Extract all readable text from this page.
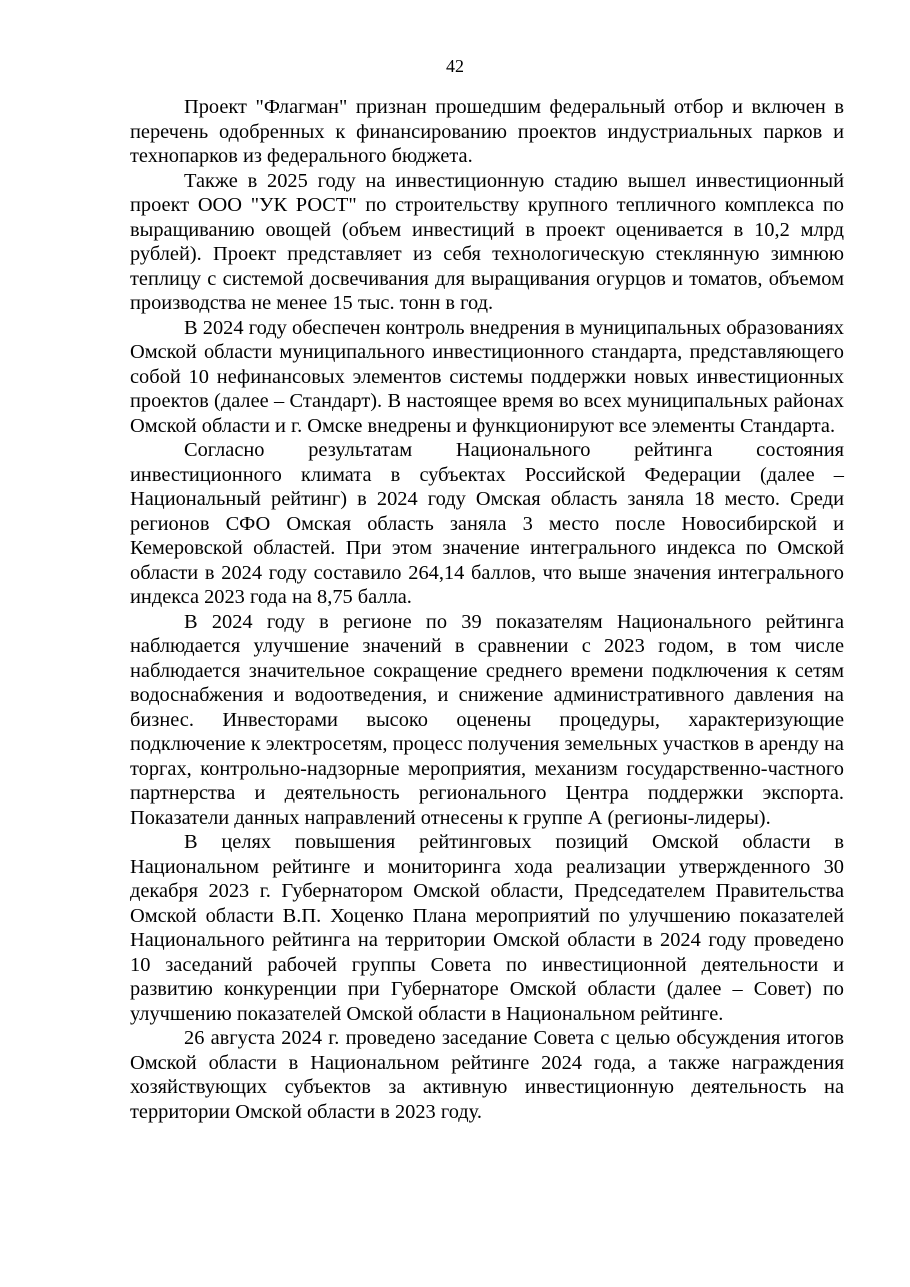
42

Проект "Флагман" признан прошедшим федеральный отбор и включен в перечень одобренных к финансированию проектов индустриальных парков и технопарков из федерального бюджета.

Также в 2025 году на инвестиционную стадию вышел инвестиционный проект ООО "УК РОСТ" по строительству крупного тепличного комплекса по выращиванию овощей (объем инвестиций в проект оценивается в 10,2 млрд рублей). Проект представляет из себя технологическую стеклянную зимнюю теплицу с системой досвечивания для выращивания огурцов и томатов, объемом производства не менее 15 тыс. тонн в год.

В 2024 году обеспечен контроль внедрения в муниципальных образованиях Омской области муниципального инвестиционного стандарта, представляющего собой 10 нефинансовых элементов системы поддержки новых инвестиционных проектов (далее – Стандарт). В настоящее время во всех муниципальных районах Омской области и г. Омске внедрены и функционируют все элементы Стандарта.

Согласно результатам Национального рейтинга состояния инвестиционного климата в субъектах Российской Федерации (далее – Национальный рейтинг) в 2024 году Омская область заняла 18 место. Среди регионов СФО Омская область заняла 3 место после Новосибирской и Кемеровской областей. При этом значение интегрального индекса по Омской области в 2024 году составило 264,14 баллов, что выше значения интегрального индекса 2023 года на 8,75 балла.

В 2024 году в регионе по 39 показателям Национального рейтинга наблюдается улучшение значений в сравнении с 2023 годом, в том числе наблюдается значительное сокращение среднего времени подключения к сетям водоснабжения и водоотведения, и снижение административного давления на бизнес. Инвесторами высоко оценены процедуры, характеризующие подключение к электросетям, процесс получения земельных участков в аренду на торгах, контрольно-надзорные мероприятия, механизм государственно-частного партнерства и деятельность регионального Центра поддержки экспорта. Показатели данных направлений отнесены к группе А (регионы-лидеры).

В целях повышения рейтинговых позиций Омской области в Национальном рейтинге и мониторинга хода реализации утвержденного 30 декабря 2023 г. Губернатором Омской области, Председателем Правительства Омской области В.П. Хоценко Плана мероприятий по улучшению показателей Национального рейтинга на территории Омской области в 2024 году проведено 10 заседаний рабочей группы Совета по инвестиционной деятельности и развитию конкуренции при Губернаторе Омской области (далее – Совет) по улучшению показателей Омской области в Национальном рейтинге.

26 августа 2024 г. проведено заседание Совета с целью обсуждения итогов Омской области в Национальном рейтинге 2024 года, а также награждения хозяйствующих субъектов за активную инвестиционную деятельность на территории Омской области в 2023 году.
